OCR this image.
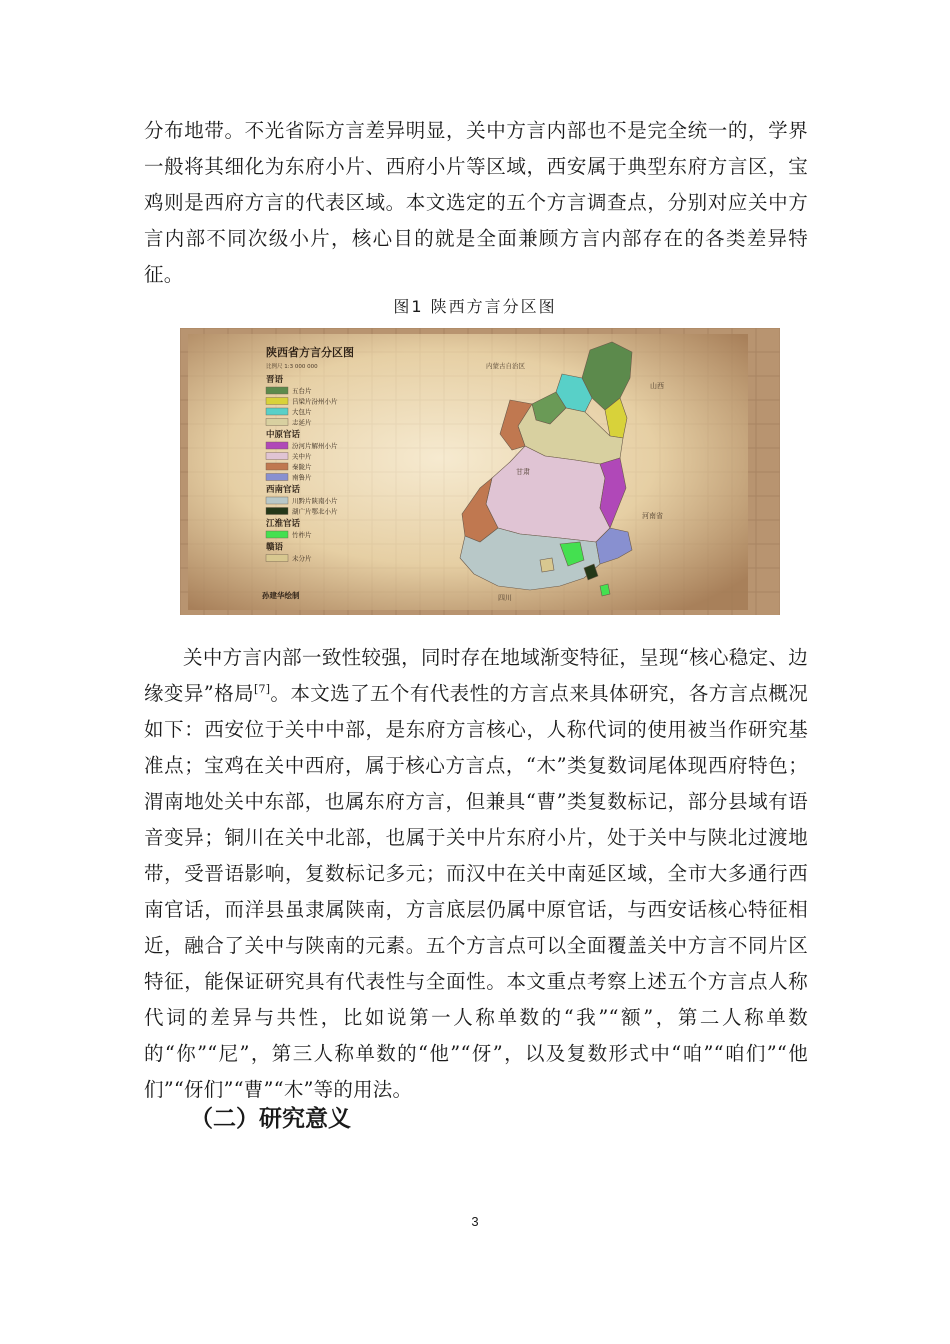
分布地带。不光省际方言差异明显，关中方言内部也不是完全统一的，学界一般将其细化为东府小片、西府小片等区域，西安属于典型东府方言区，宝鸡则是西府方言的代表区域。本文选定的五个方言调查点，分别对应关中方言内部不同次级小片，核心目的就是全面兼顾方言内部存在的各类差异特征。

图1 陕西方言分区图
内蒙古自治区
甘肃
山西
河南省
四川
陕西省方言分区图
比例尺 1:3 000 000
晋语
五台片
吕梁片汾州小片
大包片
志延片
中原官话
汾河片解州小片
关中片
秦陇片
南鲁片
西南官话
川黔片陕南小片
湖广片鄂北小片
江淮官话
竹柞片
赣语
未分片
孙建华绘制

关中方言内部一致性较强，同时存在地域渐变特征，呈现“核心稳定、边缘变异”格局[7]。本文选了五个有代表性的方言点来具体研究，各方言点概况如下：西安位于关中中部，是东府方言核心，人称代词的使用被当作研究基准点；宝鸡在关中西府，属于核心方言点，“木”类复数词尾体现西府特色；渭南地处关中东部，也属东府方言，但兼具“曹”类复数标记，部分县域有语音变异；铜川在关中北部，也属于关中片东府小片，处于关中与陕北过渡地带，受晋语影响，复数标记多元；而汉中在关中南延区域，全市大多通行西南官话，而洋县虽隶属陕南，方言底层仍属中原官话，与西安话核心特征相近，融合了关中与陕南的元素。五个方言点可以全面覆盖关中方言不同片区特征，能保证研究具有代表性与全面性。本文重点考察上述五个方言点人称代词的差异与共性，比如说第一人称单数的“我”“额”，第二人称单数的“你”“尼”，第三人称单数的“他”“伢”，以及复数形式中“咱”“咱们”“他们”“伢们”“曹”“木”等的用法。

（二）研究意义
3
